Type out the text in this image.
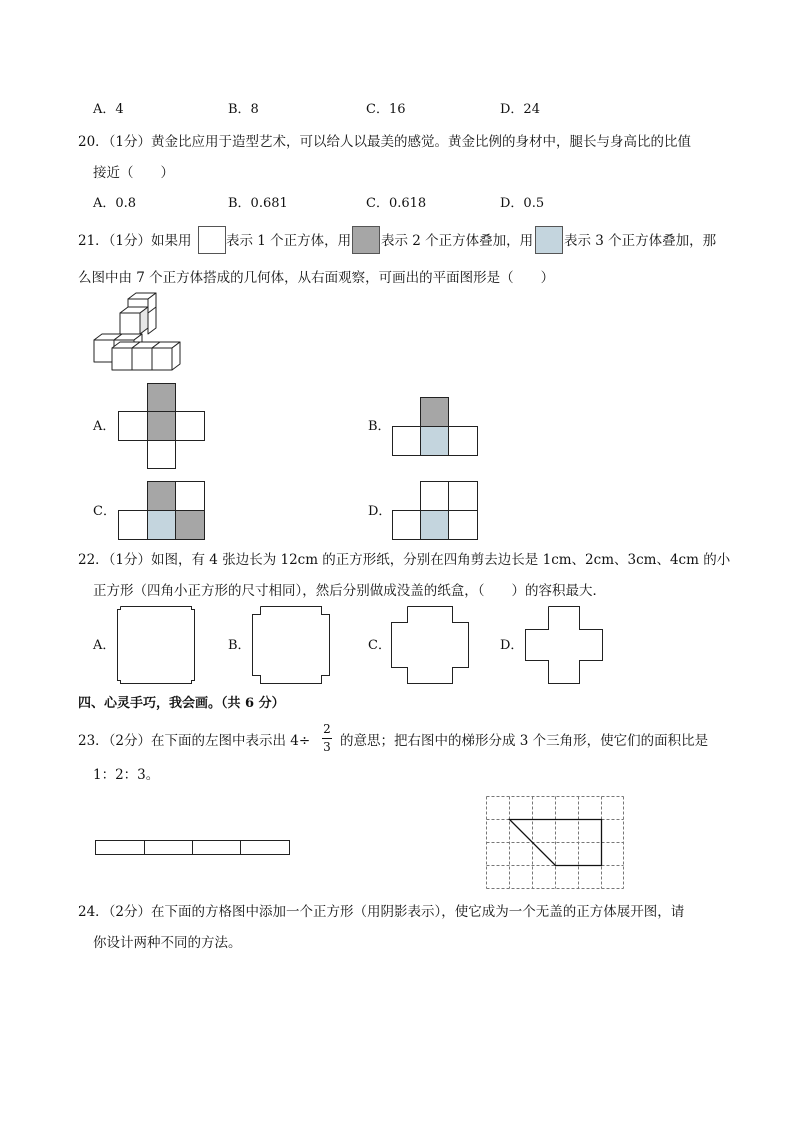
A．4	B．8	C．16	D．24
20．（1分）黄金比应用于造型艺术，可以给人以最美的感觉。黄金比例的身材中，腿长与身高比的比值
接近（　　）
A．0.8	B．0.681	C．0.618	D．0.5
21．（1分）如果用	表示 1 个正方体，用 表示 2 个正方体叠加，用 表示 3 个正方体叠加，那
么图中由 7 个正方体搭成的几何体，从右面观察，可画出的平面图形是（　　）
A．	B．
C．	D．
22．（1分）如图，有 4 张边长为 12cm 的正方形纸，分别在四角剪去边长是 1cm、2cm、3cm、4cm 的小
正方形（四角小正方形的尺寸相同），然后分别做成没盖的纸盒，（　　）的容积最大．
A．	B．	C．	D．
四、心灵手巧，我会画。（共 6 分）
23．（2分）在下面的左图中表示出 4÷
2
3 的意思；把右图中的梯形分成 3 个三角形，使它们的面积比是
1：2：3。
24．（2分）在下面的方格图中添加一个正方形（用阴影表示），使它成为一个无盖的正方体展开图，请
你设计两种不同的方法。
